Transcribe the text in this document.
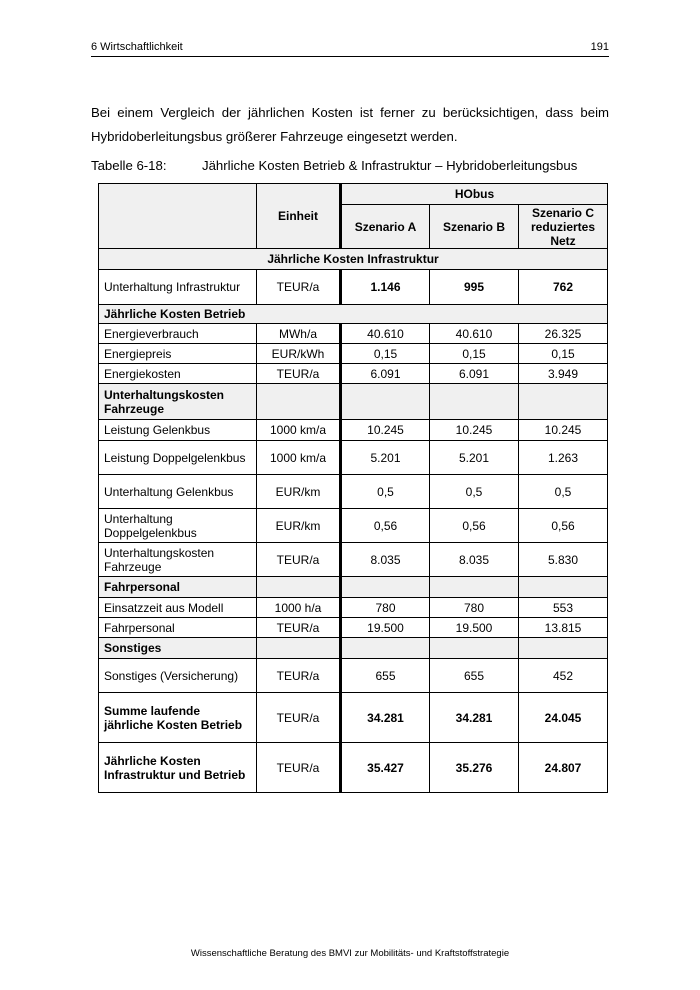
6 Wirtschaftlichkeit	191

Bei einem Vergleich der jährlichen Kosten ist ferner zu berücksichtigen, dass beim Hybridoberleitungsbus größerer Fahrzeuge eingesetzt werden.

Tabelle 6-18:	Jährliche Kosten Betrieb & Infrastruktur – Hybridoberleitungsbus
	Einheit	HObus		
		Szenario A	Szenario B	Szenario C reduziertes Netz
Jährliche Kosten Infrastruktur				
Unterhaltung Infrastruktur	TEUR/a	1.146	995	762
Jährliche Kosten Betrieb				
Energieverbrauch	MWh/a	40.610	40.610	26.325
Energiepreis	EUR/kWh	0,15	0,15	0,15
Energiekosten	TEUR/a	6.091	6.091	3.949
Unterhaltungskosten Fahrzeuge				
Leistung Gelenkbus	1000 km/a	10.245	10.245	10.245
Leistung Doppelgelenkbus	1000 km/a	5.201	5.201	1.263
Unterhaltung Gelenkbus	EUR/km	0,5	0,5	0,5
Unterhaltung Doppelgelenkbus	EUR/km	0,56	0,56	0,56
Unterhaltungskosten Fahrzeuge	TEUR/a	8.035	8.035	5.830
Fahrpersonal				
Einsatzzeit aus Modell	1000 h/a	780	780	553
Fahrpersonal	TEUR/a	19.500	19.500	13.815
Sonstiges				
Sonstiges (Versicherung)	TEUR/a	655	655	452
Summe laufende jährliche Kosten Betrieb	TEUR/a	34.281	34.281	24.045
Jährliche Kosten Infrastruktur und Betrieb	TEUR/a	35.427	35.276	24.807
Wissenschaftliche Beratung des BMVI zur Mobilitäts- und Kraftstoffstrategie
